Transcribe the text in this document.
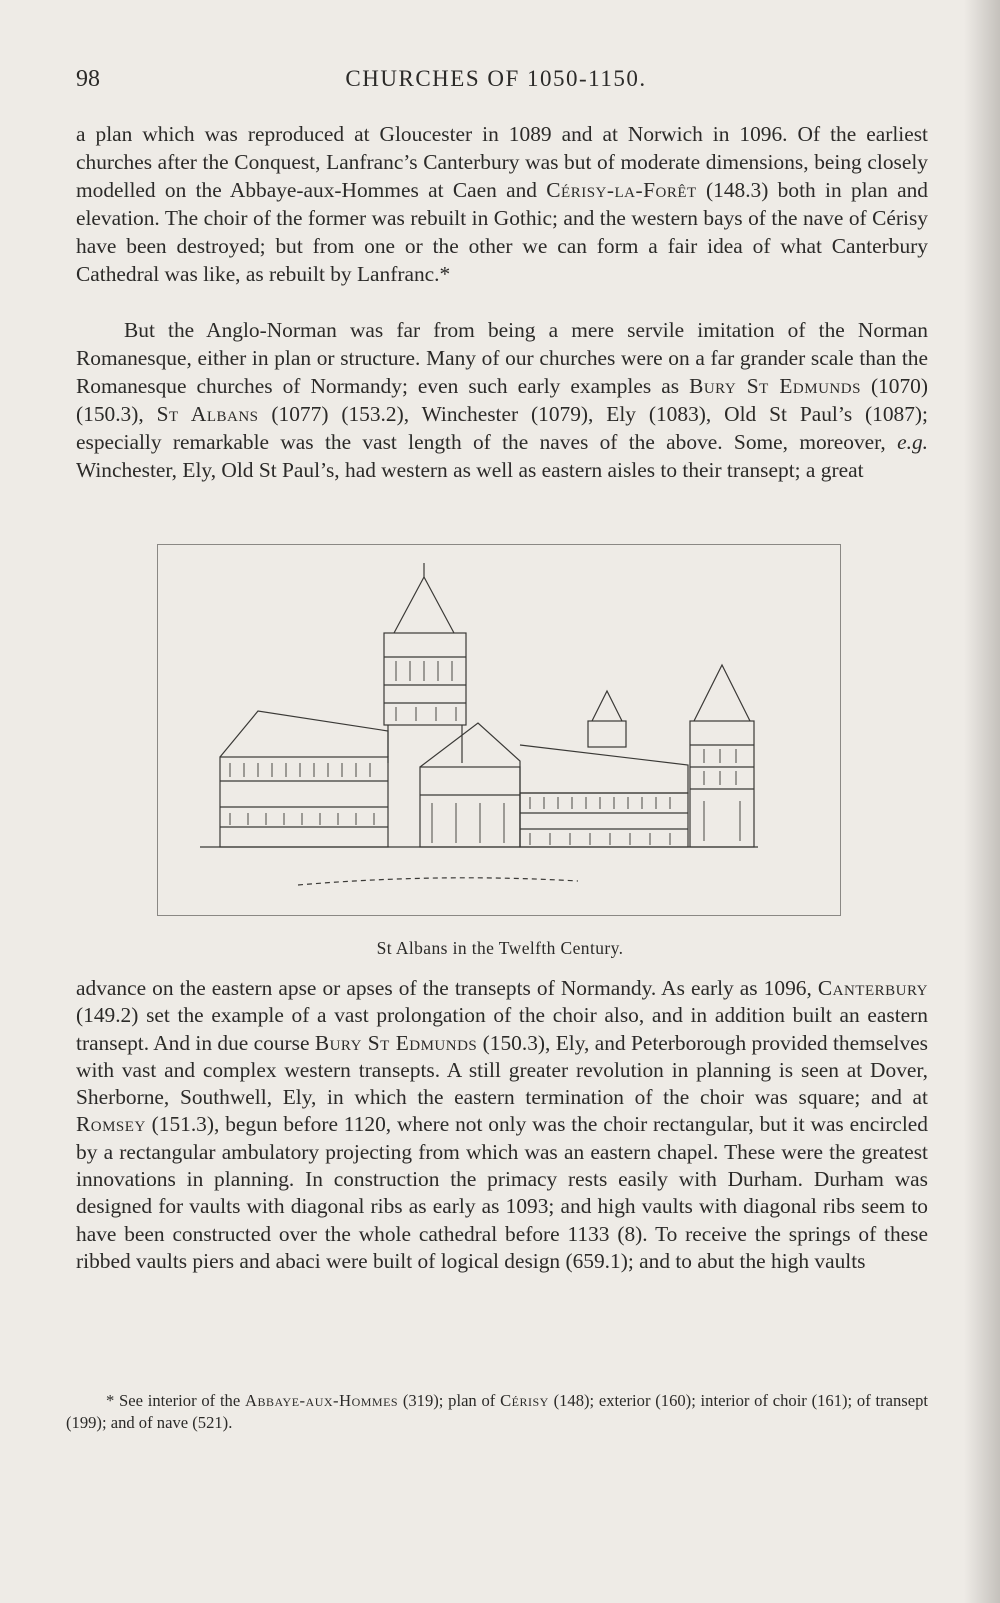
98	CHURCHES OF 1050-1150.

a plan which was reproduced at Gloucester in 1089 and at Norwich in 1096. Of the earliest churches after the Conquest, Lanfranc’s Canterbury was but of moderate dimensions, being closely modelled on the Abbaye-aux-Hommes at Caen and Cérisy-la-Forêt (148.3) both in plan and elevation. The choir of the former was rebuilt in Gothic; and the western bays of the nave of Cérisy have been destroyed; but from one or the other we can form a fair idea of what Canterbury Cathedral was like, as rebuilt by Lanfranc.*

But the Anglo-Norman was far from being a mere servile imitation of the Norman Romanesque, either in plan or structure. Many of our churches were on a far grander scale than the Romanesque churches of Normandy; even such early examples as Bury St Edmunds (1070) (150.3), St Albans (1077) (153.2), Winchester (1079), Ely (1083), Old St Paul’s (1087); especially remarkable was the vast length of the naves of the above. Some, moreover, e.g. Winchester, Ely, Old St Paul’s, had western as well as eastern aisles to their transept; a great

St Albans in the Twelfth Century.

advance on the eastern apse or apses of the transepts of Normandy. As early as 1096, Canterbury (149.2) set the example of a vast prolongation of the choir also, and in addition built an eastern transept. And in due course Bury St Edmunds (150.3), Ely, and Peterborough provided themselves with vast and complex western transepts. A still greater revolution in planning is seen at Dover, Sherborne, Southwell, Ely, in which the eastern termination of the choir was square; and at Romsey (151.3), begun before 1120, where not only was the choir rectangular, but it was encircled by a rectangular ambulatory projecting from which was an eastern chapel. These were the greatest innovations in planning. In construction the primacy rests easily with Durham. Durham was designed for vaults with diagonal ribs as early as 1093; and high vaults with diagonal ribs seem to have been constructed over the whole cathedral before 1133 (8). To receive the springs of these ribbed vaults piers and abaci were built of logical design (659.1); and to abut the high vaults

* See interior of the Abbaye-aux-Hommes (319); plan of Cérisy (148); exterior (160); interior of choir (161); of transept (199); and of nave (521).
